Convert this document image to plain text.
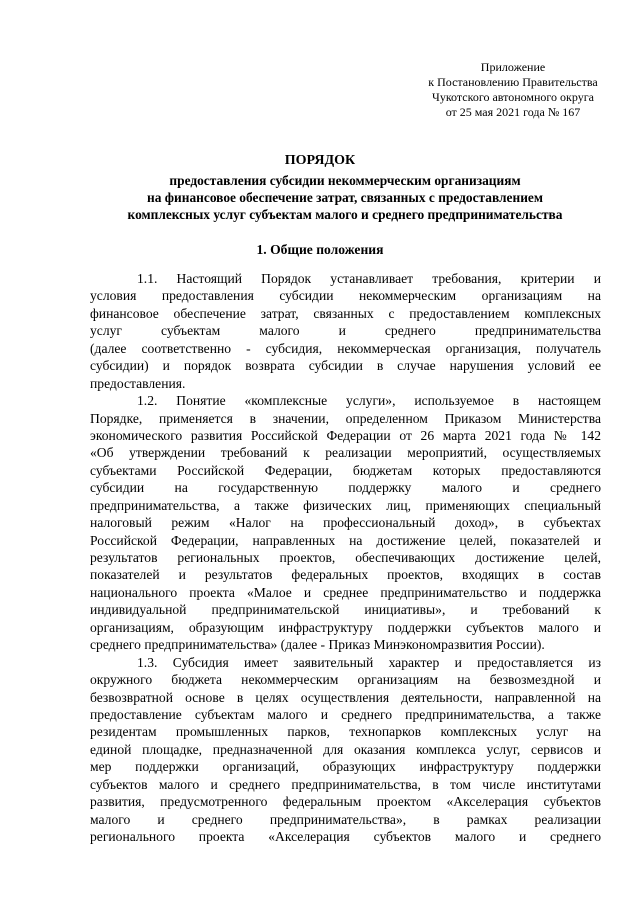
Приложение
к Постановлению Правительства
Чукотского автономного округа
от 25 мая 2021 года № 167
ПОРЯДОК
предоставления субсидии некоммерческим организациям
на финансовое обеспечение затрат, связанных с предоставлением
комплексных услуг субъектам малого и среднего предпринимательства
1. Общие положения
1.1. Настоящий Порядок устанавливает требования, критерии и
условия предоставления субсидии некоммерческим организациям на
финансовое обеспечение затрат, связанных с предоставлением комплексных
услуг субъектам малого и среднего предпринимательства
(далее соответственно - субсидия, некоммерческая организация, получатель
субсидии) и порядок возврата субсидии в случае нарушения условий ее
предоставления.
1.2. Понятие «комплексные услуги», используемое в настоящем
Порядке, применяется в значении, определенном Приказом Министерства
экономического развития Российской Федерации от 26 марта 2021 года № 142
«Об утверждении требований к реализации мероприятий, осуществляемых
субъектами Российской Федерации, бюджетам которых предоставляются
субсидии на государственную поддержку малого и среднего
предпринимательства, а также физических лиц, применяющих специальный
налоговый режим «Налог на профессиональный доход», в субъектах
Российской Федерации, направленных на достижение целей, показателей и
результатов региональных проектов, обеспечивающих достижение целей,
показателей и результатов федеральных проектов, входящих в состав
национального проекта «Малое и среднее предпринимательство и поддержка
индивидуальной предпринимательской инициативы», и требований к
организациям, образующим инфраструктуру поддержки субъектов малого и
среднего предпринимательства» (далее - Приказ Минэкономразвития России).
1.3. Субсидия имеет заявительный характер и предоставляется из
окружного бюджета некоммерческим организациям на безвозмездной и
безвозвратной основе в целях осуществления деятельности, направленной на
предоставление субъектам малого и среднего предпринимательства, а также
резидентам промышленных парков, технопарков комплексных услуг на
единой площадке, предназначенной для оказания комплекса услуг, сервисов и
мер поддержки организаций, образующих инфраструктуру поддержки
субъектов малого и среднего предпринимательства, в том числе институтами
развития, предусмотренного федеральным проектом «Акселерация субъектов
малого и среднего предпринимательства», в рамках реализации
регионального проекта «Акселерация субъектов малого и среднего
